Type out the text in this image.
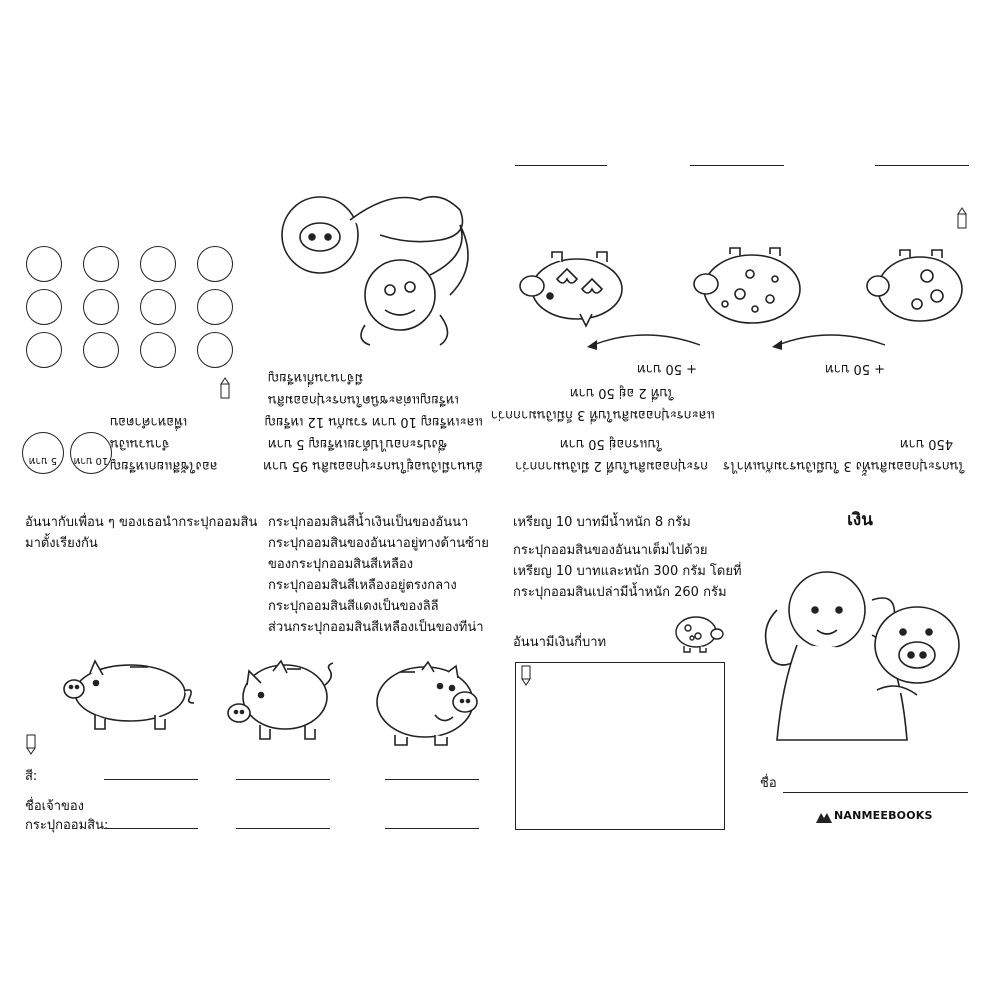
ในกระปุกออมสินทั้ง 3 ใบมีเงินรวมกันเท่าไร
450 บาท
+ 50 บาท
กระปุกออมสินใบที่ 2 มีเงินมากกว่า
ใบแรกอยู่ 50 บาท
และกระปุกออมสินใบที่ 3 ก็มีเงินมากกว่า
ใบที่ 2 อยู่ 50 บาท
+ 50 บาท
อันนามีเงินอยู่ในกระปุกออมสิน 95 บาท
ซึ่งประกอบไปด้วยเหรียญ 5 บาท
และเหรียญ 10 บาท รวมกัน 12 เหรียญ
เหรียญแต่ละชนิดในกระปุกออมสิน
มีจำนวนกี่เหรียญ
ลองใช้สีแยกเหรียญ
จำนวนเงิน
เพื่อหาคำตอบ
5 บาท	10 บาท
เงิน
ชื่อ
NANMEEBOOKS
เหรียญ 10 บาทมีน้ำหนัก 8 กรัม
กระปุกออมสินของอันนาเต็มไปด้วย
เหรียญ 10 บาทและหนัก 300 กรัม โดยที่
กระปุกออมสินเปล่ามีน้ำหนัก 260 กรัม
อันนามีเงินกี่บาท
กระปุกออมสินสีน้ำเงินเป็นของอันนา
กระปุกออมสินของอันนาอยู่ทางด้านซ้าย
ของกระปุกออมสินสีเหลือง
กระปุกออมสินสีเหลืองอยู่ตรงกลาง
กระปุกออมสินสีแดงเป็นของลิลี
ส่วนกระปุกออมสินสีเหลืองเป็นของทีน่า
อันนากับเพื่อน ๆ ของเธอนำกระปุกออมสิน
มาตั้งเรียงกัน
สี:
ชื่อเจ้าของ
กระปุกออมสิน:
